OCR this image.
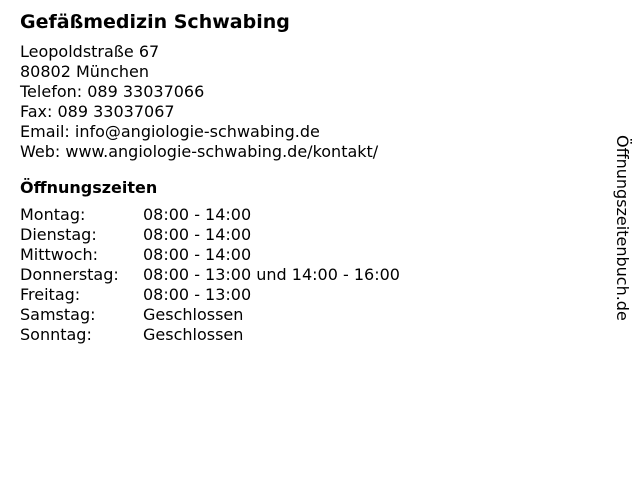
Gefäßmedizin Schwabing
Leopoldstraße 67
80802 München
Telefon: 089 33037066
Fax: 089 33037067
Email: info@angiologie-schwabing.de
Web: www.angiologie-schwabing.de/kontakt/
Öffnungszeiten
Montag:	08:00 - 14:00
Dienstag:	08:00 - 14:00
Mittwoch:	08:00 - 14:00
Donnerstag:	08:00 - 13:00 und 14:00 - 16:00
Freitag:	08:00 - 13:00
Samstag:	Geschlossen
Sonntag:	Geschlossen
Öffnungszeitenbuch.de
